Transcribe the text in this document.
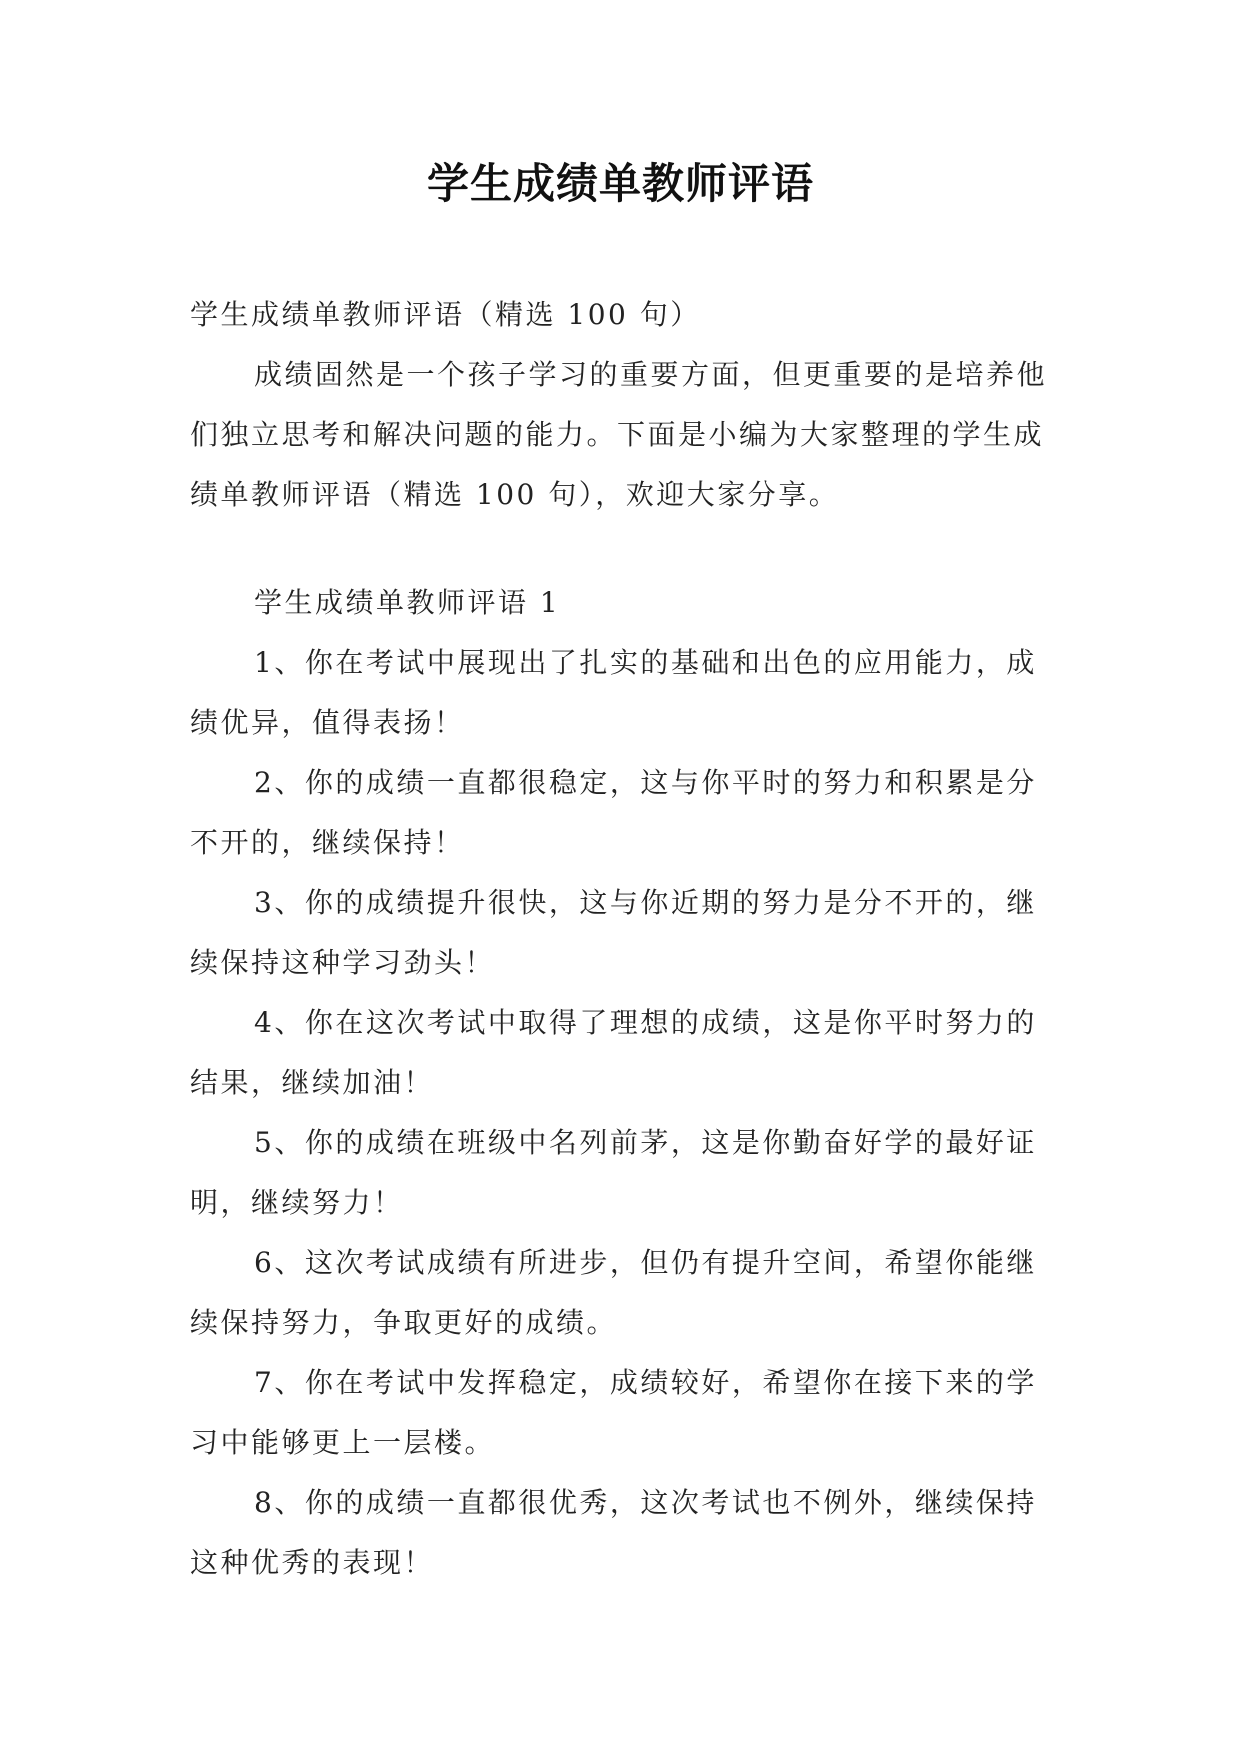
学生成绩单教师评语

学生成绩单教师评语（精选 100 句）

成绩固然是一个孩子学习的重要方面，但更重要的是培养他们独立思考和解决问题的能力。下面是小编为大家整理的学生成绩单教师评语（精选 100 句），欢迎大家分享。

学生成绩单教师评语 1

1、你在考试中展现出了扎实的基础和出色的应用能力，成绩优异，值得表扬！

2、你的成绩一直都很稳定，这与你平时的努力和积累是分不开的，继续保持！

3、你的成绩提升很快，这与你近期的努力是分不开的，继续保持这种学习劲头！

4、你在这次考试中取得了理想的成绩，这是你平时努力的结果，继续加油！

5、你的成绩在班级中名列前茅，这是你勤奋好学的最好证明，继续努力！

6、这次考试成绩有所进步，但仍有提升空间，希望你能继续保持努力，争取更好的成绩。

7、你在考试中发挥稳定，成绩较好，希望你在接下来的学习中能够更上一层楼。

8、你的成绩一直都很优秀，这次考试也不例外，继续保持这种优秀的表现！
